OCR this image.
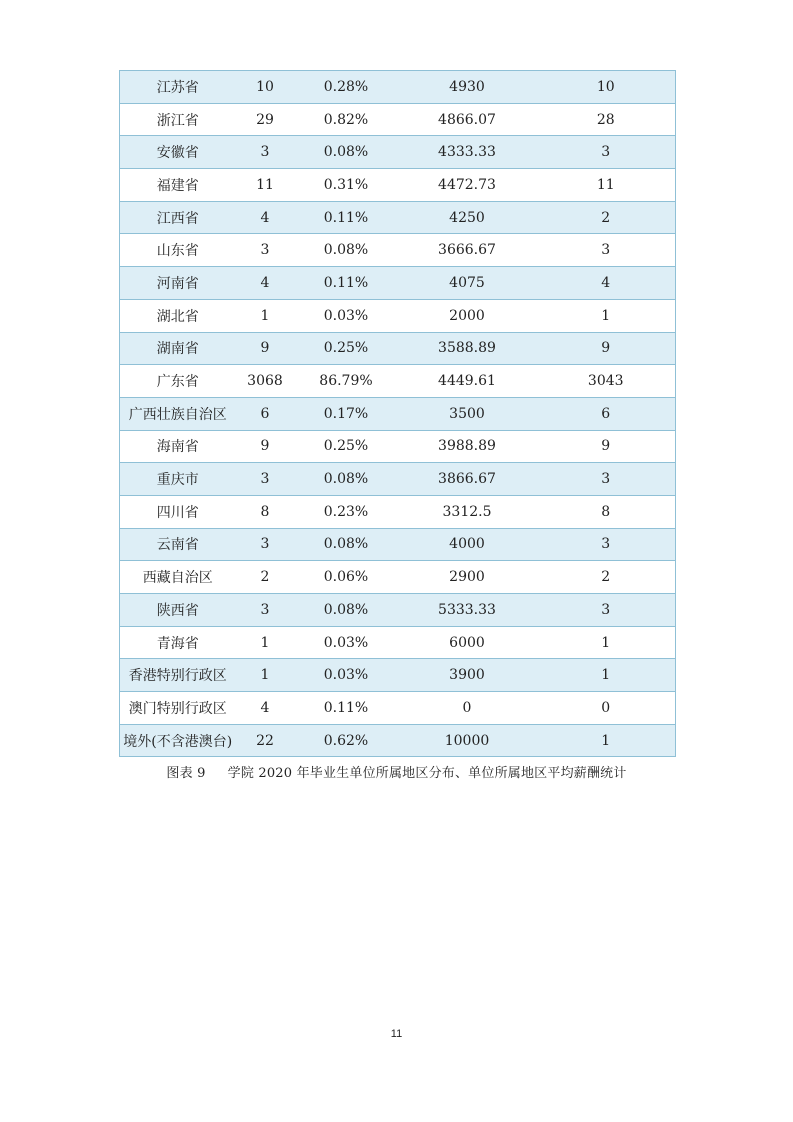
江苏省	10	0.28%	4930	10
浙江省	29	0.82%	4866.07	28
安徽省	3	0.08%	4333.33	3
福建省	11	0.31%	4472.73	11
江西省	4	0.11%	4250	2
山东省	3	0.08%	3666.67	3
河南省	4	0.11%	4075	4
湖北省	1	0.03%	2000	1
湖南省	9	0.25%	3588.89	9
广东省	3068	86.79%	4449.61	3043
广西壮族自治区	6	0.17%	3500	6
海南省	9	0.25%	3988.89	9
重庆市	3	0.08%	3866.67	3
四川省	8	0.23%	3312.5	8
云南省	3	0.08%	4000	3
西藏自治区	2	0.06%	2900	2
陕西省	3	0.08%	5333.33	3
青海省	1	0.03%	6000	1
香港特别行政区	1	0.03%	3900	1
澳门特别行政区	4	0.11%	0	0
境外(不含港澳台)	22	0.62%	10000	1
图表 9 学院 2020 年毕业生单位所属地区分布、单位所属地区平均薪酬统计
11
